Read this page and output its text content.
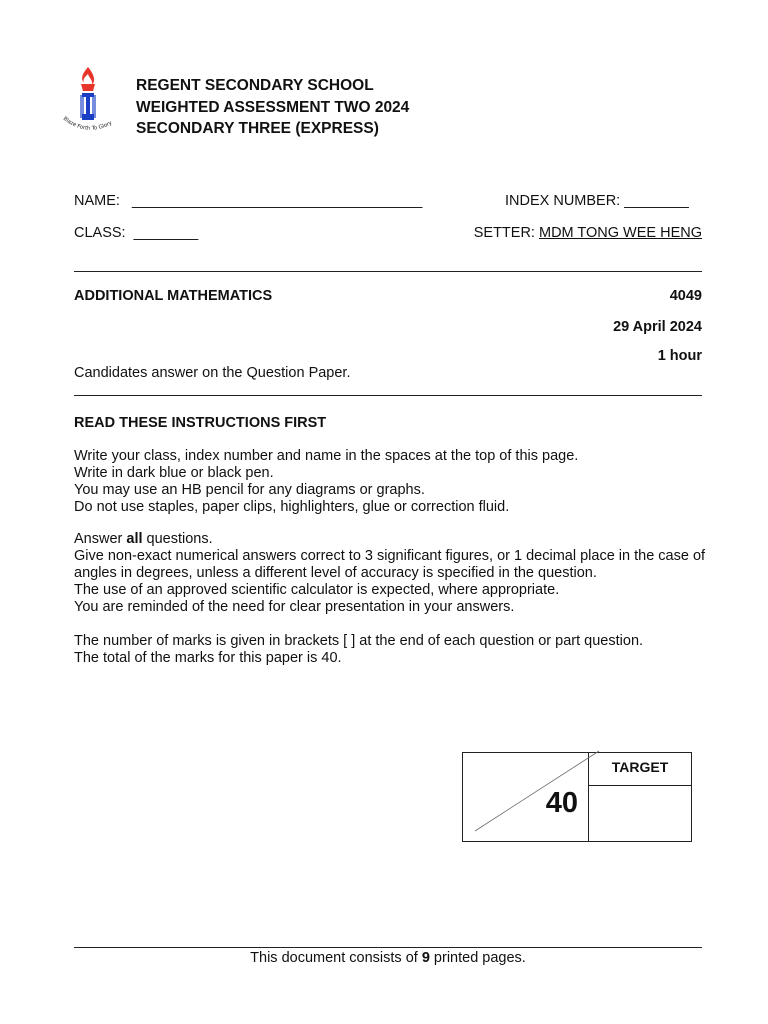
Blaze Forth To Glory
REGENT SECONDARY SCHOOL
WEIGHTED ASSESSMENT TWO 2024
SECONDARY THREE (EXPRESS)
NAME: ____________________________________	INDEX NUMBER: ________
CLASS: ________	SETTER: MDM TONG WEE HENG
ADDITIONAL MATHEMATICS	4049
29 April 2024
1 hour
Candidates answer on the Question Paper.
READ THESE INSTRUCTIONS FIRST

Write your class, index number and name in the spaces at the top of this page.

Write in dark blue or black pen.

You may use an HB pencil for any diagrams or graphs.

Do not use staples, paper clips, highlighters, glue or correction fluid.

Answer all questions.

Give non-exact numerical answers correct to 3 significant figures, or 1 decimal place in the case of angles in degrees, unless a different level of accuracy is specified in the question.

The use of an approved scientific calculator is expected, where appropriate.

You are reminded of the need for clear presentation in your answers.

The number of marks is given in brackets [ ] at the end of each question or part question.

The total of the marks for this paper is 40.

40
TARGET
This document consists of 9 printed pages.
